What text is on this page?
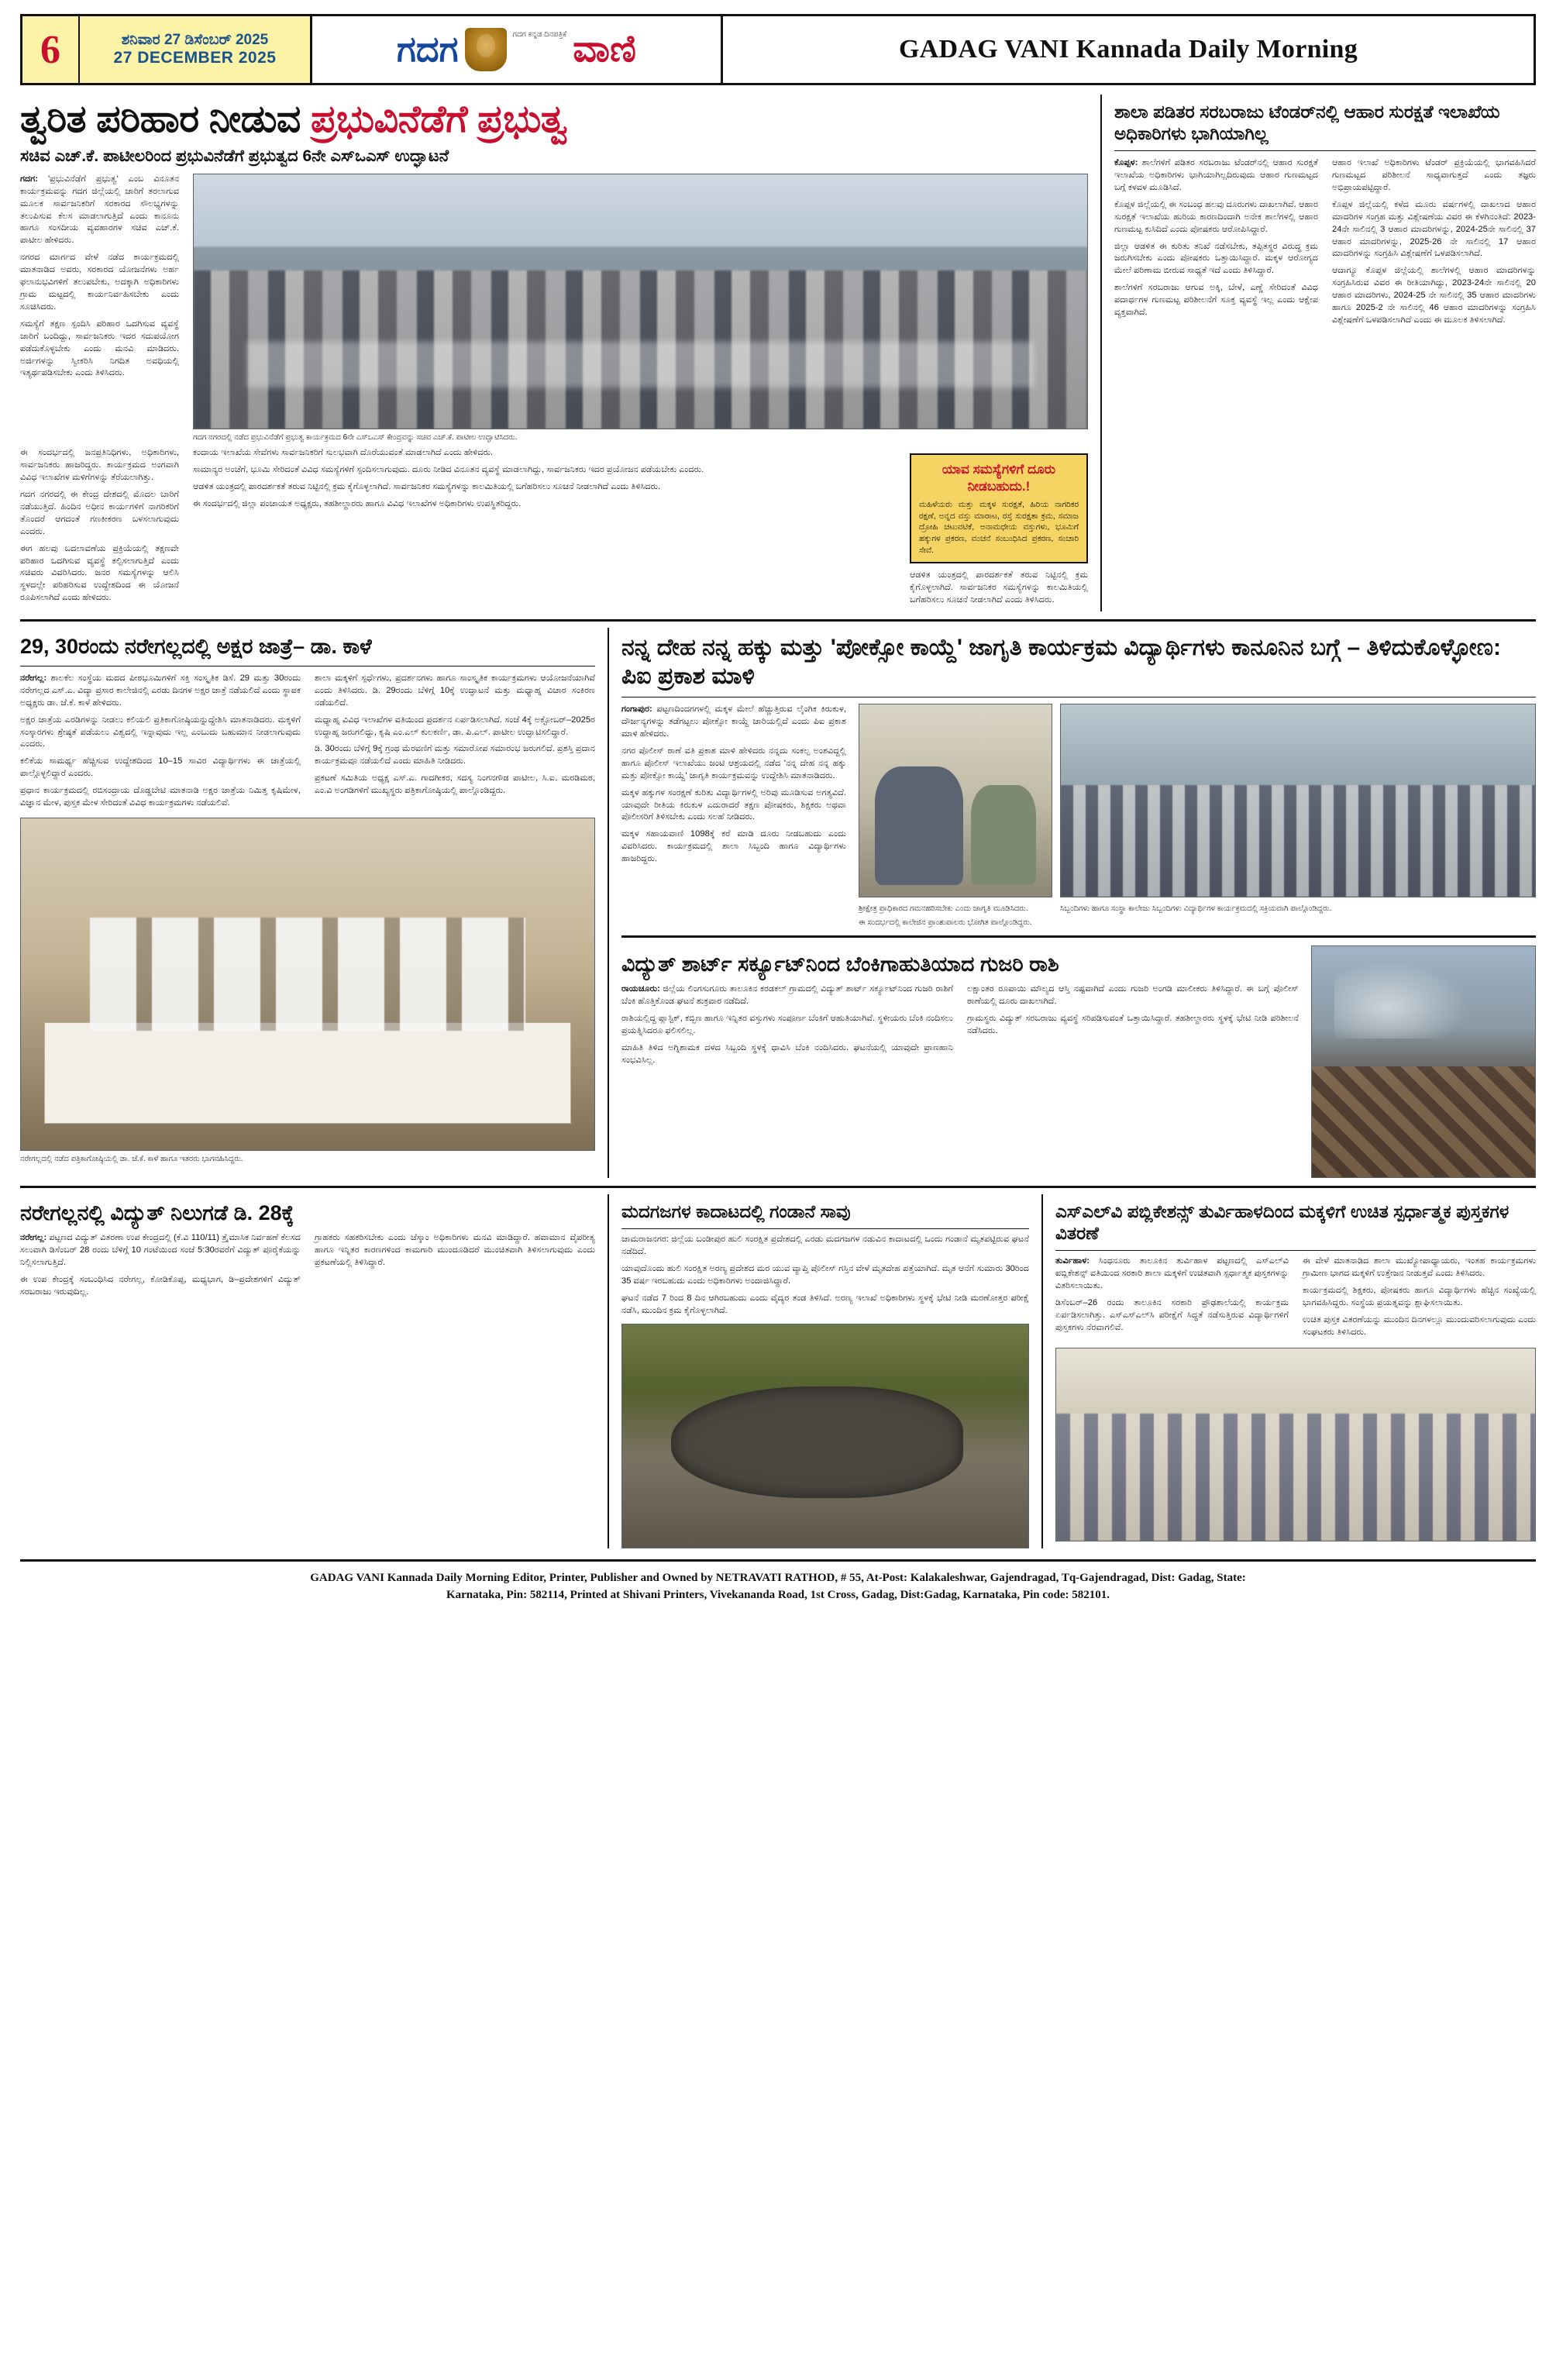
6	ಶನಿವಾರ 27 ಡಿಸೆಂಬರ್ 2025
27 DECEMBER 2025	ಗದಗ	ಗದಗ ಕನ್ನಡ ದಿನಪತ್ರಿಕೆ ವಾಣಿ	GADAG VANI Kannada Daily Morning
ತ್ವರಿತ ಪರಿಹಾರ ನೀಡುವ ಪ್ರಭುವಿನೆಡೆಗೆ ಪ್ರಭುತ್ವ
ಸಚಿವ ಎಚ್.ಕೆ. ಪಾಟೀಲರಿಂದ ಪ್ರಭುವಿನೆಡೆಗೆ ಪ್ರಭುತ್ವದ 6ನೇ ಎಸ್‌ಒಎಸ್ ಉದ್ಘಾಟನೆ

ಗದಗ: 'ಪ್ರಭುವಿನೆಡೆಗೆ ಪ್ರಭುತ್ವ' ಎಂಬ ವಿನೂತನ ಕಾರ್ಯಕ್ರಮವನ್ನು ಗದಗ ಜಿಲ್ಲೆಯಲ್ಲಿ ಜಾರಿಗೆ ತರಲಾಗುವ ಮೂಲಕ ಸಾರ್ವಜನಿಕರಿಗೆ ಸರಕಾರದ ಸೌಲಭ್ಯಗಳನ್ನು ತಲುಪಿಸುವ ಕೆಲಸ ಮಾಡಲಾಗುತ್ತಿದೆ ಎಂದು ಕಾನೂನು ಹಾಗೂ ಸಂಸದೀಯ ವ್ಯವಹಾರಗಳ ಸಚಿವ ಎಚ್.ಕೆ. ಪಾಟೀಲ ಹೇಳಿದರು.

ನಗರದ ಮಾರ್ಗದ ವೇಳೆ ನಡೆದ ಕಾರ್ಯಕ್ರಮದಲ್ಲಿ ಮಾತನಾಡಿದ ಅವರು, ಸರಕಾರದ ಯೋಜನೆಗಳು ಅರ್ಹ ಫಲಾನುಭವಿಗಳಿಗೆ ತಲುಪಬೇಕು, ಅದಕ್ಕಾಗಿ ಅಧಿಕಾರಿಗಳು ಗ್ರಾಮ ಮಟ್ಟದಲ್ಲಿ ಕಾರ್ಯನಿರ್ವಹಿಸಬೇಕು ಎಂದು ಸೂಚಿಸಿದರು.

ಸಮಸ್ಯೆಗೆ ತಕ್ಷಣ ಸ್ಪಂದಿಸಿ ಪರಿಹಾರ ಒದಗಿಸುವ ವ್ಯವಸ್ಥೆ ಜಾರಿಗೆ ಬಂದಿದ್ದು, ಸಾರ್ವಜನಿಕರು ಇದರ ಸದುಪಯೋಗ ಪಡೆದುಕೊಳ್ಳಬೇಕು ಎಂದು ಮನವಿ ಮಾಡಿದರು. ಅರ್ಜಿಗಳನ್ನು ಸ್ವೀಕರಿಸಿ ನಿಗದಿತ ಅವಧಿಯಲ್ಲಿ ಇತ್ಯರ್ಥಪಡಿಸಬೇಕು ಎಂದು ತಿಳಿಸಿದರು.

ಗದಗ ನಗರದಲ್ಲಿ ನಡೆದ ಪ್ರಭುವಿನೆಡೆಗೆ ಪ್ರಭುತ್ವ ಕಾರ್ಯಕ್ರಮದ 6ನೇ ಎಸ್‌ಒಎಸ್ ಕೇಂದ್ರವನ್ನು ಸಚಿವ ಎಚ್.ಕೆ. ಪಾಟೀಲ ಉದ್ಘಾಟಿಸಿದರು.

ಈ ಸಂದರ್ಭದಲ್ಲಿ ಜನಪ್ರತಿನಿಧಿಗಳು, ಅಧಿಕಾರಿಗಳು, ಸಾರ್ವಜನಿಕರು ಹಾಜರಿದ್ದರು. ಕಾರ್ಯಕ್ರಮದ ಅಂಗವಾಗಿ ವಿವಿಧ ಇಲಾಖೆಗಳ ಮಳಿಗೆಗಳನ್ನು ತೆರೆಯಲಾಗಿತ್ತು.

ಗದಗ ನಗರದಲ್ಲಿ ಈ ಕೇಂದ್ರ ದೇಶದಲ್ಲಿ ಮೊದಲ ಬಾರಿಗೆ ನಡೆಯುತ್ತಿದೆ. ಹಿಂದಿನ ಅಧೀನ ಕಾರ್ಯಗಳಿಗೆ ನಾಗರಿಕರಿಗೆ ತೊಂದರೆ ಆಗದಂತೆ ಗಣಕೀಕರಣ ಬಳಸಲಾಗುವುದು ಎಂದರು.

ಈಗ ಹಲವು ಬದಲಾವಣೆಯ ಪ್ರಕ್ರಿಯೆಯಲ್ಲಿ ತಕ್ಷಣವೇ ಪರಿಹಾರ ಒದಗಿಸುವ ವ್ಯವಸ್ಥೆ ಕಲ್ಪಿಸಲಾಗುತ್ತಿದೆ ಎಂದು ಸಚಿವರು ವಿವರಿಸಿದರು. ಜನರ ಸಮಸ್ಯೆಗಳನ್ನು ಆಲಿಸಿ ಸ್ಥಳದಲ್ಲೇ ಪರಿಹರಿಸುವ ಉದ್ದೇಶದಿಂದ ಈ ಯೋಜನೆ ರೂಪಿಸಲಾಗಿದೆ ಎಂದು ಹೇಳಿದರು.

ಕಂದಾಯ ಇಲಾಖೆಯ ಸೇವೆಗಳು ಸಾರ್ವಜನಿಕರಿಗೆ ಸುಲಭವಾಗಿ ದೊರೆಯುವಂತೆ ಮಾಡಲಾಗಿದೆ ಎಂದು ಹೇಳಿದರು.

ಸಾಮಾನ್ಯರ ಅಂಚೆಗೆ, ಭೂಮಿ ಸೇರಿದಂತೆ ವಿವಿಧ ಸಮಸ್ಯೆಗಳಿಗೆ ಸ್ಪಂದಿಸಲಾಗುವುದು. ದೂರು ನೀಡಿದ ವಿನೂತನ ವ್ಯವಸ್ಥೆ ಮಾಡಲಾಗಿದ್ದು, ಸಾರ್ವಜನಿಕರು ಇದರ ಪ್ರಯೋಜನ ಪಡೆಯಬೇಕು ಎಂದರು.

ಆಡಳಿತ ಯಂತ್ರದಲ್ಲಿ ಪಾರದರ್ಶಕತೆ ತರುವ ನಿಟ್ಟಿನಲ್ಲಿ ಕ್ರಮ ಕೈಗೊಳ್ಳಲಾಗಿದೆ. ಸಾರ್ವಜನಿಕರ ಸಮಸ್ಯೆಗಳನ್ನು ಕಾಲಮಿತಿಯಲ್ಲಿ ಬಗೆಹರಿಸಲು ಸೂಚನೆ ನೀಡಲಾಗಿದೆ ಎಂದು ತಿಳಿಸಿದರು.

ಈ ಸಂದರ್ಭದಲ್ಲಿ ಜಿಲ್ಲಾ ಪಂಚಾಯತ ಅಧ್ಯಕ್ಷರು, ತಹಶೀಲ್ದಾರರು ಹಾಗೂ ವಿವಿಧ ಇಲಾಖೆಗಳ ಅಧಿಕಾರಿಗಳು ಉಪಸ್ಥಿತರಿದ್ದರು.

ಯಾವ ಸಮಸ್ಯೆಗಳಿಗೆ ದೂರು ನೀಡಬಹುದು.!
ಮಹಿಳೆಯರು ಮತ್ತು ಮಕ್ಕಳ ಸುರಕ್ಷತೆ, ಹಿರಿಯ ನಾಗರಿಕರ ರಕ್ಷಣೆ, ಅನ್ನದ ವಸ್ತು ಮಾರಾಟ, ರಸ್ತೆ ಸುರಕ್ಷತಾ ಕ್ರಮ, ಸಮಾಜ ದ್ರೋಹಿ ಚಟುವಟಿಕೆ, ಅನಾಮಧೇಯ ವಸ್ತುಗಳು, ಭೂಮಿಗೆ ಹಕ್ಕುಗಳ ಪ್ರಕರಣ, ವಂಚನೆ ಸಂಬಂಧಿಸಿದ ಪ್ರಕರಣ, ಸಂಚಾರಿ ಸೇವೆ.

ಆಡಳಿತ ಯಂತ್ರದಲ್ಲಿ ಪಾರದರ್ಶಕತೆ ತರುವ ನಿಟ್ಟಿನಲ್ಲಿ ಕ್ರಮ ಕೈಗೊಳ್ಳಲಾಗಿದೆ. ಸಾರ್ವಜನಿಕರ ಸಮಸ್ಯೆಗಳನ್ನು ಕಾಲಮಿತಿಯಲ್ಲಿ ಬಗೆಹರಿಸಲು ಸೂಚನೆ ನೀಡಲಾಗಿದೆ ಎಂದು ತಿಳಿಸಿದರು.

ಶಾಲಾ ಪಡಿತರ ಸರಬರಾಜು ಟೆಂಡರ್‌ನಲ್ಲಿ ಆಹಾರ ಸುರಕ್ಷತೆ ಇಲಾಖೆಯ ಅಧಿಕಾರಿಗಳು ಭಾಗಿಯಾಗಿಲ್ಲ

ಕೊಪ್ಪಳ: ಶಾಲೆಗಳಿಗೆ ಪಡಿತರ ಸರಬರಾಜು ಟೆಂಡರ್‌ನಲ್ಲಿ ಆಹಾರ ಸುರಕ್ಷತೆ ಇಲಾಖೆಯ ಅಧಿಕಾರಿಗಳು ಭಾಗಿಯಾಗಿಲ್ಲದಿರುವುದು ಆಹಾರ ಗುಣಮಟ್ಟದ ಬಗ್ಗೆ ಕಳವಳ ಮೂಡಿಸಿದೆ.

ಕೊಪ್ಪಳ ಜಿಲ್ಲೆಯಲ್ಲಿ ಈ ಸಂಬಂಧ ಹಲವು ದೂರುಗಳು ದಾಖಲಾಗಿವೆ. ಆಹಾರ ಸುರಕ್ಷತೆ ಇಲಾಖೆಯ ಹುರಿಯ ಕಾರಣದಿಂದಾಗಿ ಅನೇಕ ಶಾಲೆಗಳಲ್ಲಿ ಆಹಾರ ಗುಣಮಟ್ಟ ಕುಸಿದಿದೆ ಎಂದು ಪೋಷಕರು ಆರೋಪಿಸಿದ್ದಾರೆ.

ಜಿಲ್ಲಾ ಆಡಳಿತ ಈ ಕುರಿತು ತನಿಖೆ ನಡೆಸಬೇಕು, ತಪ್ಪಿತಸ್ಥರ ವಿರುದ್ಧ ಕ್ರಮ ಜರುಗಿಸಬೇಕು ಎಂದು ಪೋಷಕರು ಒತ್ತಾಯಿಸಿದ್ದಾರೆ. ಮಕ್ಕಳ ಆರೋಗ್ಯದ ಮೇಲೆ ಪರಿಣಾಮ ಬೀರುವ ಸಾಧ್ಯತೆ ಇದೆ ಎಂದು ತಿಳಿಸಿದ್ದಾರೆ.

ಶಾಲೆಗಳಿಗೆ ಸರಬರಾಜು ಆಗುವ ಅಕ್ಕಿ, ಬೇಳೆ, ಎಣ್ಣೆ ಸೇರಿದಂತೆ ವಿವಿಧ ಪದಾರ್ಥಗಳ ಗುಣಮಟ್ಟ ಪರಿಶೀಲನೆಗೆ ಸೂಕ್ತ ವ್ಯವಸ್ಥೆ ಇಲ್ಲ ಎಂದು ಆಕ್ಷೇಪ ವ್ಯಕ್ತವಾಗಿದೆ.

ಆಹಾರ ಇಲಾಖೆ ಅಧಿಕಾರಿಗಳು ಟೆಂಡರ್ ಪ್ರಕ್ರಿಯೆಯಲ್ಲಿ ಭಾಗವಹಿಸಿದರೆ ಗುಣಮಟ್ಟದ ಪರಿಶೀಲನೆ ಸಾಧ್ಯವಾಗುತ್ತದೆ ಎಂದು ತಜ್ಞರು ಅಭಿಪ್ರಾಯಪಟ್ಟಿದ್ದಾರೆ.

ಕೊಪ್ಪಳ ಜಿಲ್ಲೆಯಲ್ಲಿ ಕಳೆದ ಮೂರು ವರ್ಷಗಳಲ್ಲಿ ದಾಖಲಾದ ಆಹಾರ ಮಾದರಿಗಳ ಸಂಗ್ರಹ ಮತ್ತು ವಿಶ್ಲೇಷಣೆಯ ವಿವರ ಈ ಕೆಳಗಿನಂತಿದೆ: 2023-24ನೇ ಸಾಲಿನಲ್ಲಿ 3 ಆಹಾರ ಮಾದರಿಗಳನ್ನು, 2024-25ನೇ ಸಾಲಿನಲ್ಲಿ 37 ಆಹಾರ ಮಾದರಿಗಳನ್ನು, 2025-26 ನೇ ಸಾಲಿನಲ್ಲಿ 17 ಆಹಾರ ಮಾದರಿಗಳನ್ನು ಸಂಗ್ರಹಿಸಿ ವಿಶ್ಲೇಷಣೆಗೆ ಒಳಪಡಿಸಲಾಗಿದೆ.

ಆದಾಗ್ಯೂ ಕೊಪ್ಪಳ ಜಿಲ್ಲೆಯಲ್ಲಿ ಶಾಲೆಗಳಲ್ಲಿ ಆಹಾರ ಮಾದರಿಗಳನ್ನು ಸಂಗ್ರಹಿಸಿರುವ ವಿವರ ಈ ರೀತಿಯಾಗಿದ್ದು, 2023-24ನೇ ಸಾಲಿನಲ್ಲಿ 20 ಆಹಾರ ಮಾದರಿಗಳು, 2024-25 ನೇ ಸಾಲಿನಲ್ಲಿ 35 ಆಹಾರ ಮಾದರಿಗಳು ಹಾಗೂ 2025-2 ನೇ ಸಾಲಿನಲ್ಲಿ 46 ಆಹಾರ ಮಾದರಿಗಳನ್ನು ಸಂಗ್ರಹಿಸಿ ವಿಶ್ಲೇಷಣೆಗೆ ಒಳಪಡಿಸಲಾಗಿದೆ ಎಂದು ಈ ಮೂಲಕ ತಿಳಿಸಲಾಗಿದೆ.

29, 30ರಂದು ನರೇಗಲ್ಲದಲ್ಲಿ ಅಕ್ಷರ ಜಾತ್ರೆ– ಡಾ. ಕಾಳೆ

ನರೇಗಲ್ಲ: ಶಾಲಕೆಲ ಸಂಸ್ಥೆಯ ಮದದ ಪೀಠಭೂಮಿಗಳಿಗೆ ಸಕ್ತಿ ಸಂಸ್ಕೃತಿಕ ಡಿಸೆ. 29 ಮತ್ತು 30ರಂದು ನರೇಗಲ್ಲದ ಎಸ್.ಎ. ವಿದ್ಯಾ ಪ್ರಸಾರ ಕಾಲೇಜಿನಲ್ಲಿ ಎರಡು ದಿನಗಳ ಅಕ್ಷರ ಜಾತ್ರೆ ನಡೆಯಲಿದೆ ಎಂದು ಸ್ಥಾಪಕ ಅಧ್ಯಕ್ಷರು ಡಾ. ಜೆ.ಕೆ. ಕಾಳೆ ಹೇಳಿದರು.

ಅಕ್ಷರ ಜಾತ್ರೆಯ ಎರಡಿಗಳನ್ನು ನೀಡಲು ಕಲಿಯಲಿ ಪ್ರತಿಕಾಗೋಷ್ಠಿಯನ್ನುದ್ದೇಶಿಸಿ ಮಾತನಾಡಿದರು. ಮಕ್ಕಳಿಗೆ ಸಂಸ್ಕಾರಗಳು ಶ್ರೇಷ್ಠತೆ ಪಡೆಯಲು ವಿಶ್ವದಲ್ಲಿ ಇನ್ನಾವುದು ಇಲ್ಲ ಎಂಬುದು ಬಹುಮಾನ ನೀಡಲಾಗುವುದು ಎಂದರು.

ಕಲಿಕೆಯ ಸಾಮರ್ಥ್ಯ ಹೆಚ್ಚಿಸುವ ಉದ್ದೇಶದಿಂದ 10–15 ಸಾವಿರ ವಿದ್ಯಾರ್ಥಿಗಳು ಈ ಜಾತ್ರೆಯಲ್ಲಿ ಪಾಲ್ಗೊಳ್ಳಲಿದ್ದಾರೆ ಎಂದರು.

ಪ್ರಧಾನ ಕಾರ್ಯಕ್ರಮದಲ್ಲಿ ರಬಿಸಂದ್ರಾಯ ದೊಡ್ಡಬೇಟಿ ಮಾತನಾಡಿ ಅಕ್ಷರ ಜಾತ್ರೆಯ ನಿಮಿತ್ತ ಕೃಷಿಮೇಳ, ವಿಜ್ಞಾನ ಮೇಳ, ಪುಸ್ತಕ ಮೇಳ ಸೇರಿದಂತೆ ವಿವಿಧ ಕಾರ್ಯಕ್ರಮಗಳು ನಡೆಯಲಿವೆ.

ಶಾಲಾ ಮಕ್ಕಳಿಗೆ ಸ್ಪರ್ಧೆಗಳು, ಪ್ರದರ್ಶನಗಳು ಹಾಗೂ ಸಾಂಸ್ಕೃತಿಕ ಕಾರ್ಯಕ್ರಮಗಳು ಆಯೋಜನೆಯಾಗಿವೆ ಎಂದು ತಿಳಿಸಿದರು. ಡಿ. 29ರಂದು ಬೆಳಿಗ್ಗೆ 10ಕ್ಕೆ ಉದ್ಘಾಟನೆ ಮತ್ತು ಮಧ್ಯಾಹ್ನ ವಿಚಾರ ಸಂಕಿರಣ ನಡೆಯಲಿದೆ.

ಮಧ್ಯಾಹ್ನ ವಿವಿಧ ಇಲಾಖೆಗಳ ವತಿಯಿಂದ ಪ್ರದರ್ಶನ ಏರ್ಪಡಿಸಲಾಗಿದೆ. ಸಂಜೆ 4ಕ್ಕೆ ಅಕ್ಟೋಬರ್–2025ರ ಉದ್ದಾಹ್ನ ಜರುಗಲಿದ್ದು, ಕೃಷಿ ಎಂ.ಎಲ್ ಕುಲಕರ್ಣಿ, ಡಾ. ಪಿ.ಎಲ್. ಪಾಟೀಲ ಉದ್ಘಾಟಿಸಲಿದ್ದಾರೆ.

ಡಿ. 30ರಂದು ಬೆಳಿಗ್ಗೆ 9ಕ್ಕೆ ಗ್ರಂಥ ಮೆರವಣಿಗೆ ಮತ್ತು ಸಮಾರೋಪ ಸಮಾರಂಭ ಜರುಗಲಿದೆ. ಪ್ರಶಸ್ತಿ ಪ್ರದಾನ ಕಾರ್ಯಕ್ರಮವೂ ನಡೆಯಲಿದೆ ಎಂದು ಮಾಹಿತಿ ನೀಡಿದರು.

ಪ್ರಕಟಣೆ ಸಮಿತಿಯ ಅಧ್ಯಕ್ಷ ಎಸ್.ಎ. ಗಾದಗೀಕರ, ಸದಸ್ಯ ನಿಂಗನಗೌಡ ಪಾಟೀಲ, ಸಿ.ಐ. ಮರಡಿಮಠ, ಎಂ.ವಿ ಅಂಗಡಿಗಳಿಗೆ ಮುಖ್ಯಸ್ಥರು ಪತ್ರಿಕಾಗೋಷ್ಠಿಯಲ್ಲಿ ಪಾಲ್ಗೊಂಡಿದ್ದರು.

ನರೇಗಲ್ಲದಲ್ಲಿ ನಡೆದ ಪತ್ರಿಕಾಗೋಷ್ಠಿಯಲ್ಲಿ ಡಾ. ಜೆ.ಕೆ. ಕಾಳೆ ಹಾಗೂ ಇತರರು ಭಾಗವಹಿಸಿದ್ದರು.
ನನ್ನ ದೇಹ ನನ್ನ ಹಕ್ಕು ಮತ್ತು 'ಪೋಕ್ಸೋ ಕಾಯ್ದೆ' ಜಾಗೃತಿ ಕಾರ್ಯಕ್ರಮ ವಿದ್ಯಾರ್ಥಿಗಳು ಕಾನೂನಿನ ಬಗ್ಗೆ – ತಿಳಿದುಕೊಳ್ಳೋಣ: ಪಿಐ ಪ್ರಕಾಶ ಮಾಳಿ

ಗಂಗಾಪುರ: ಪಟ್ಟಣದಿಂದಗಗಳಲ್ಲಿ ಮಕ್ಕಳ ಮೇಲೆ ಹೆಚ್ಚುತ್ತಿರುವ ಲೈಂಗಿಕ ಕಿರುಕುಳ, ದೌರ್ಜನ್ಯಗಳನ್ನು ತಡೆಗಟ್ಟಲು ಪೋಕ್ಸೋ ಕಾಯ್ದೆ ಜಾರಿಯಲ್ಲಿದೆ ಎಂದು ಪಿಐ ಪ್ರಕಾಶ ಮಾಳಿ ಹೇಳಿದರು.

ನಗರ ಪೊಲೀಸ್ ಠಾಣೆ ವತಿ ಪ್ರಕಾಶ ಮಾಳಿ ಹೇಳಿದರು ನನ್ನದು ಸಂಕಲ್ಪ ಅಂಶವಿದ್ದಲ್ಲಿ ಹಾಗೂ ಪೊಲೀಸ್ ಇಲಾಖೆಯು ಜಂಟಿ ಆಶ್ರಯದಲ್ಲಿ ನಡೆದ 'ನನ್ನ ದೇಹ ನನ್ನ ಹಕ್ಕು ಮತ್ತು ಪೋಕ್ಸೋ ಕಾಯ್ದೆ' ಜಾಗೃತಿ ಕಾರ್ಯಕ್ರಮವನ್ನು ಉದ್ದೇಶಿಸಿ ಮಾತನಾಡಿದರು.

ಮಕ್ಕಳ ಹಕ್ಕುಗಳ ಸಂರಕ್ಷಣೆ ಕುರಿತು ವಿದ್ಯಾರ್ಥಿಗಳಲ್ಲಿ ಅರಿವು ಮೂಡಿಸುವ ಅಗತ್ಯವಿದೆ. ಯಾವುದೇ ರೀತಿಯ ಕಿರುಕುಳ ಎದುರಾದರೆ ತಕ್ಷಣ ಪೋಷಕರು, ಶಿಕ್ಷಕರು ಅಥವಾ ಪೊಲೀಸರಿಗೆ ತಿಳಿಸಬೇಕು ಎಂದು ಸಲಹೆ ನೀಡಿದರು.

ಮಕ್ಕಳ ಸಹಾಯವಾಣಿ 1098ಕ್ಕೆ ಕರೆ ಮಾಡಿ ದೂರು ನೀಡಬಹುದು ಎಂದು ವಿವರಿಸಿದರು. ಕಾರ್ಯಕ್ರಮದಲ್ಲಿ ಶಾಲಾ ಸಿಬ್ಬಂದಿ ಹಾಗೂ ವಿದ್ಯಾರ್ಥಿಗಳು ಹಾಜರಿದ್ದರು.

ಶ್ರೀಕ್ಷೇತ್ರ ಪ್ರಾಧಿಕಾರದ ಗಮನಹರಿಸಬೇಕು ಎಂದು ಜಾಗೃತಿ ಮೂಡಿಸಿದರು.	ಸಿಬ್ಬಂದಿಗಳು ಹಾಗೂ ಸಂಸ್ಥಾ ಕಾಲೇಜು ಸಿಬ್ಬಂದಿಗಳು ವಿದ್ಯಾರ್ಥಿಗಳ ಕಾರ್ಯಕ್ರಮದಲ್ಲಿ ಸಕ್ರಿಯವಾಗಿ ಪಾಲ್ಗೊಂಡಿದ್ದರು.
ಈ ಸಂದರ್ಭದಲ್ಲಿ ಕಾಲೇಜಿನ ಪ್ರಾಂಶುಪಾಲರು ಭೋಗಿತ ಪಾಲ್ಗೊಂಡಿದ್ದರು.
ವಿದ್ಯುತ್ ಶಾರ್ಟ್ ಸರ್ಕ್ಯೂಟ್‌ನಿಂದ ಬೆಂಕಿಗಾಹುತಿಯಾದ ಗುಜರಿ ರಾಶಿ

ರಾಯಚೂರು: ಜಿಲ್ಲೆಯ ಲಿಂಗಸುಗೂರು ತಾಲೂಕಿನ ಕರಡಕಲ್ ಗ್ರಾಮದಲ್ಲಿ ವಿದ್ಯುತ್ ಶಾರ್ಟ್ ಸರ್ಕ್ಯೂಟ್‌ನಿಂದ ಗುಜರಿ ರಾಶಿಗೆ ಬೆಂಕಿ ಹೊತ್ತಿಕೊಂಡ ಘಟನೆ ಶುಕ್ರವಾರ ನಡೆದಿದೆ.

ರಾಶಿಯಲ್ಲಿದ್ದ ಪ್ಲಾಸ್ಟಿಕ್, ಕಬ್ಬಿಣ ಹಾಗೂ ಇನ್ನಿತರ ವಸ್ತುಗಳು ಸಂಪೂರ್ಣ ಬೆಂಕಿಗೆ ಆಹುತಿಯಾಗಿವೆ. ಸ್ಥಳೀಯರು ಬೆಂಕಿ ನಂದಿಸಲು ಪ್ರಯತ್ನಿಸಿದರೂ ಫಲಿಸಲಿಲ್ಲ.

ಮಾಹಿತಿ ತಿಳಿದ ಅಗ್ನಿಶಾಮಕ ದಳದ ಸಿಬ್ಬಂದಿ ಸ್ಥಳಕ್ಕೆ ಧಾವಿಸಿ ಬೆಂಕಿ ನಂದಿಸಿದರು. ಘಟನೆಯಲ್ಲಿ ಯಾವುದೇ ಪ್ರಾಣಹಾನಿ ಸಂಭವಿಸಿಲ್ಲ.

ಲಕ್ಷಾಂತರ ರೂಪಾಯಿ ಮೌಲ್ಯದ ಆಸ್ತಿ ನಷ್ಟವಾಗಿದೆ ಎಂದು ಗುಜರಿ ಅಂಗಡಿ ಮಾಲೀಕರು ತಿಳಿಸಿದ್ದಾರೆ. ಈ ಬಗ್ಗೆ ಪೊಲೀಸ್ ಠಾಣೆಯಲ್ಲಿ ದೂರು ದಾಖಲಾಗಿದೆ.

ಗ್ರಾಮಸ್ಥರು ವಿದ್ಯುತ್ ಸರಬರಾಜು ವ್ಯವಸ್ಥೆ ಸರಿಪಡಿಸುವಂತೆ ಒತ್ತಾಯಿಸಿದ್ದಾರೆ. ತಹಶೀಲ್ದಾರರು ಸ್ಥಳಕ್ಕೆ ಭೇಟಿ ನೀಡಿ ಪರಿಶೀಲನೆ ನಡೆಸಿದರು.

ನರೇಗಲ್ಲನಲ್ಲಿ ವಿದ್ಯುತ್ ನಿಲುಗಡೆ ಡಿ. 28ಕ್ಕೆ

ನರೇಗಲ್ಲ: ಪಟ್ಟಣದ ವಿದ್ಯುತ್ ವಿತರಣಾ ಉಪ ಕೇಂದ್ರದಲ್ಲಿ (ಕೆ.ವಿ 110/11) ತ್ರೈಮಾಸಿಕ ನಿರ್ವಹಣೆ ಕೆಲಸದ ಸಲುವಾಗಿ ಡಿಸೆಂಬರ್ 28 ರಂದು ಬೆಳಿಗ್ಗೆ 10 ಗಂಟೆಯಿಂದ ಸಂಜೆ 5:30ರವರೆಗೆ ವಿದ್ಯುತ್ ಪೂರೈಕೆಯನ್ನು ನಿಲ್ಲಿಸಲಾಗುತ್ತಿದೆ.

ಈ ಉಪ ಕೇಂದ್ರಕ್ಕೆ ಸಂಬಂಧಿಸಿದ ನರೇಗಲ್ಲ, ಕೋಡಿಕೊಪ್ಪ, ಮಧ್ಯಭಾಗ, ಡಿ–ಪ್ರದೇಶಗಳಿಗೆ ವಿದ್ಯುತ್ ಸರಬರಾಜು ಇರುವುದಿಲ್ಲ.

ಗ್ರಾಹಕರು ಸಹಕರಿಸಬೇಕು ಎಂದು ಜೆಸ್ಕಾಂ ಅಧಿಕಾರಿಗಳು ಮನವಿ ಮಾಡಿದ್ದಾರೆ. ಹವಾಮಾನ ವೈಪರೀತ್ಯ ಹಾಗೂ ಇನ್ನಿತರ ಕಾರಣಗಳಿಂದ ಕಾಮಗಾರಿ ಮುಂದೂಡಿದರೆ ಮುಂಚಿತವಾಗಿ ತಿಳಿಸಲಾಗುವುದು ಎಂದು ಪ್ರಕಟಣೆಯಲ್ಲಿ ತಿಳಿಸಿದ್ದಾರೆ.

ಮದಗಜಗಳ ಕಾದಾಟದಲ್ಲಿ ಗಂಡಾನೆ ಸಾವು

ಚಾಮರಾಜನಗರ: ಜಿಲ್ಲೆಯ ಬಂಡೀಪುರ ಹುಲಿ ಸಂರಕ್ಷಿತ ಪ್ರದೇಶದಲ್ಲಿ ಎರಡು ಮದಗಜಗಳ ನಡುವಿನ ಕಾದಾಟದಲ್ಲಿ ಒಂದು ಗಂಡಾನೆ ಮೃತಪಟ್ಟಿರುವ ಘಟನೆ ನಡೆದಿದೆ.

ಯಾವುದೊಂದು ಹುಲಿ ಸಂರಕ್ಷಿತ ಅರಣ್ಯ ಪ್ರದೇಶದ ಮರ ಯುವ ವ್ಯಾಪ್ತಿ ಪೊಲೀಸ್ ಗಸ್ತಿನ ವೇಳೆ ಮೃತದೇಹ ಪತ್ತೆಯಾಗಿದೆ. ಮೃತ ಆನೆಗೆ ಸುಮಾರು 30ರಿಂದ 35 ವರ್ಷ ಇರಬಹುದು ಎಂದು ಅಧಿಕಾರಿಗಳು ಅಂದಾಜಿಸಿದ್ದಾರೆ.

ಘಟನೆ ನಡೆದ 7 ರಿಂದ 8 ದಿನ ಆಗಿರಬಹುದು ಎಂದು ವೈದ್ಯರ ತಂಡ ತಿಳಿಸಿದೆ. ಅರಣ್ಯ ಇಲಾಖೆ ಅಧಿಕಾರಿಗಳು ಸ್ಥಳಕ್ಕೆ ಭೇಟಿ ನೀಡಿ ಮರಣೋತ್ತರ ಪರೀಕ್ಷೆ ನಡೆಸಿ, ಮುಂದಿನ ಕ್ರಮ ಕೈಗೊಳ್ಳಲಾಗಿದೆ.

ಎಸ್‌ಎಲ್‌ವಿ ಪಬ್ಲಿಕೇಶನ್ಸ್ ತುರ್ವಿಹಾಳದಿಂದ ಮಕ್ಕಳಿಗೆ ಉಚಿತ ಸ್ಪರ್ಧಾತ್ಮಕ ಪುಸ್ತಕಗಳ ವಿತರಣೆ

ತುರ್ವಿಹಾಳ: ಸಿಂಧನೂರು ತಾಲೂಕಿನ ತುರ್ವಿಹಾಳ ಪಟ್ಟಣದಲ್ಲಿ ಎಸ್‌ಎಲ್‌ವಿ ಪಬ್ಲಿಕೇಶನ್ಸ್ ವತಿಯಿಂದ ಸರಕಾರಿ ಶಾಲಾ ಮಕ್ಕಳಿಗೆ ಉಚಿತವಾಗಿ ಸ್ಪರ್ಧಾತ್ಮಕ ಪುಸ್ತಕಗಳನ್ನು ವಿತರಿಸಲಾಯಿತು.

ಡಿಸೆಂಬರ್–26 ರಂದು ತಾಲೂಕಿನ ಸರಕಾರಿ ಪ್ರೌಢಶಾಲೆಯಲ್ಲಿ ಕಾರ್ಯಕ್ರಮ ಏರ್ಪಡಿಸಲಾಗಿತ್ತು. ಎಸ್‌ಎಸ್‌ಎಲ್‌ಸಿ ಪರೀಕ್ಷೆಗೆ ಸಿದ್ಧತೆ ನಡೆಸುತ್ತಿರುವ ವಿದ್ಯಾರ್ಥಿಗಳಿಗೆ ಪುಸ್ತಕಗಳು ನೆರವಾಗಲಿವೆ.

ಈ ವೇಳೆ ಮಾತನಾಡಿದ ಶಾಲಾ ಮುಖ್ಯೋಪಾಧ್ಯಾಯರು, ಇಂತಹ ಕಾರ್ಯಕ್ರಮಗಳು ಗ್ರಾಮೀಣ ಭಾಗದ ಮಕ್ಕಳಿಗೆ ಉತ್ತೇಜನ ನೀಡುತ್ತವೆ ಎಂದು ತಿಳಿಸಿದರು.

ಕಾರ್ಯಕ್ರಮದಲ್ಲಿ ಶಿಕ್ಷಕರು, ಪೋಷಕರು ಹಾಗೂ ವಿದ್ಯಾರ್ಥಿಗಳು ಹೆಚ್ಚಿನ ಸಂಖ್ಯೆಯಲ್ಲಿ ಭಾಗವಹಿಸಿದ್ದರು. ಸಂಸ್ಥೆಯ ಪ್ರಯತ್ನವನ್ನು ಶ್ಲಾಘಿಸಲಾಯಿತು.

ಉಚಿತ ಪುಸ್ತಕ ವಿತರಣೆಯನ್ನು ಮುಂದಿನ ದಿನಗಳಲ್ಲೂ ಮುಂದುವರಿಸಲಾಗುವುದು ಎಂದು ಸಂಘಟಕರು ತಿಳಿಸಿದರು.

GADAG VANI Kannada Daily Morning Editor, Printer, Publisher and Owned by NETRAVATI RATHOD, # 55, At-Post: Kalakaleshwar, Gajendragad, Tq-Gajendragad, Dist: Gadag, State:
Karnataka, Pin: 582114, Printed at Shivani Printers, Vivekananda Road, 1st Cross, Gadag, Dist:Gadag, Karnataka, Pin code: 582101.
